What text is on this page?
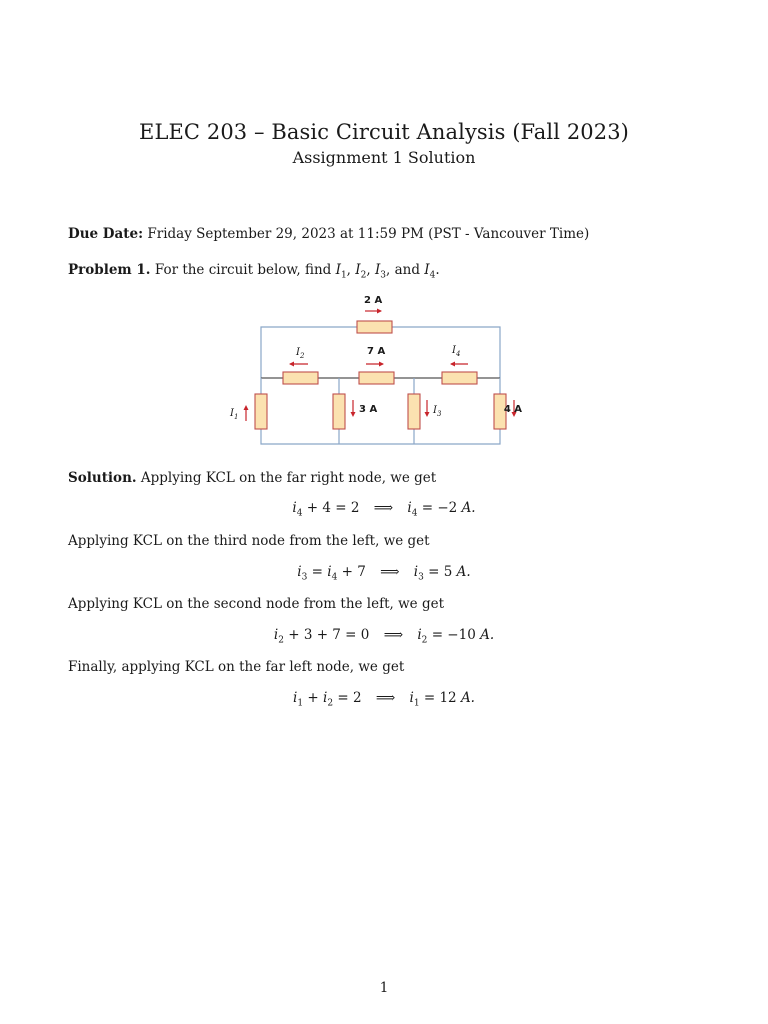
ELEC 203 – Basic Circuit Analysis (Fall 2023)
Assignment 1 Solution
Due Date: Friday September 29, 2023 at 11:59 PM (PST - Vancouver Time)
Problem 1. For the circuit below, find $I_1$, $I_2$, $I_3$, and $I_4$.
2 A
$I_2$	7 A	$I_4$
$I_1$
3 A	$I_3$	4 A
Solution. Applying KCL on the far right node, we get
$i_4 + 4 = 2$ ⟹ $i_4 = -2$ A.
Applying KCL on the third node from the left, we get
$i_3 = i_4 + 7$ ⟹ $i_3 = 5$ A.
Applying KCL on the second node from the left, we get
$i_2 + 3 + 7 = 0$ ⟹ $i_2 = -10$ A.
Finally, applying KCL on the far left node, we get
$i_1 + i_2 = 2$ ⟹ $i_1 = 12$ A.
1
